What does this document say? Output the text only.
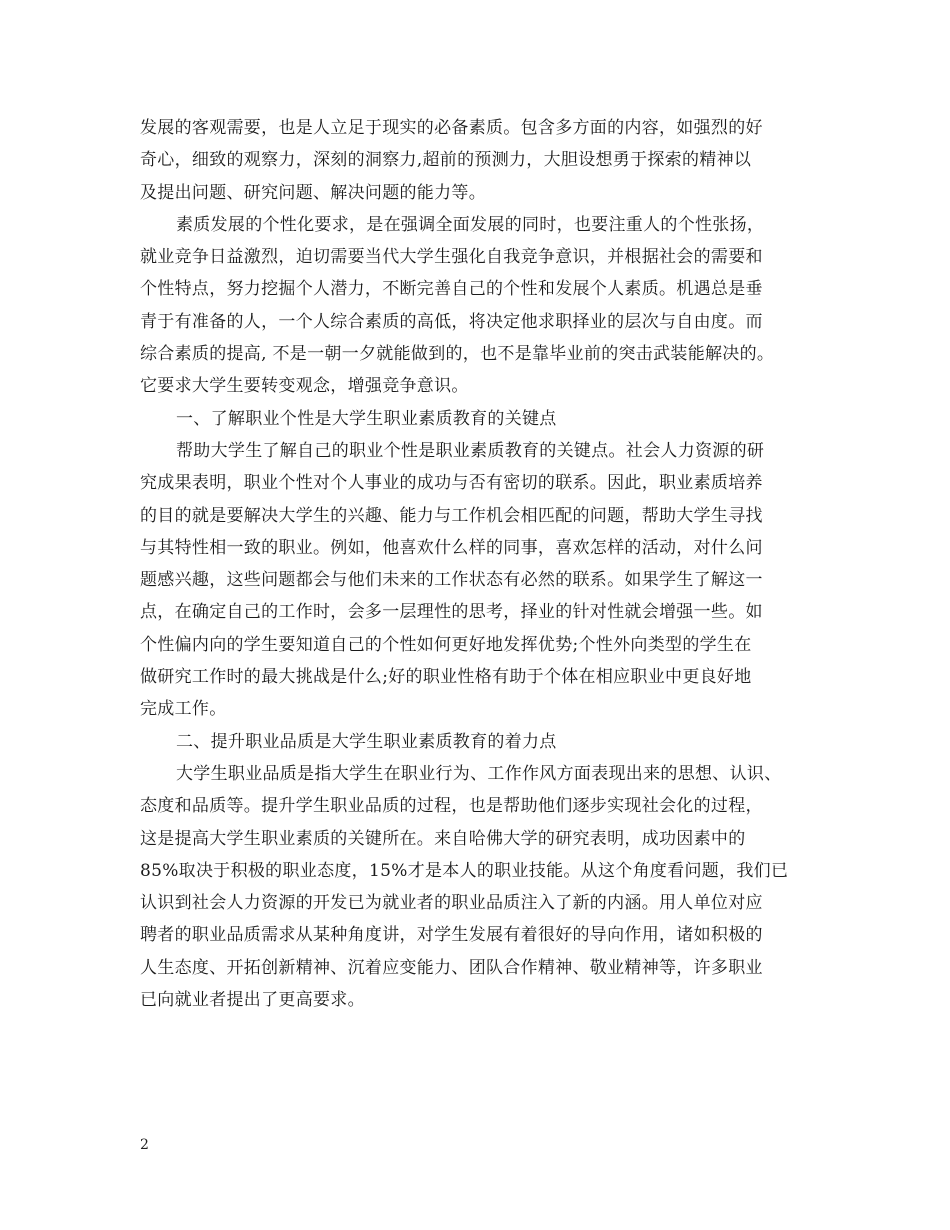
发展的客观需要，也是人立足于现实的必备素质。包含多方面的内容，如强烈的好
奇心，细致的观察力，深刻的洞察力,超前的预测力，大胆设想勇于探索的精神以
及提出问题、研究问题、解决问题的能力等。
素质发展的个性化要求，是在强调全面发展的同时，也要注重人的个性张扬，
就业竞争日益激烈，迫切需要当代大学生强化自我竞争意识，并根据社会的需要和
个性特点，努力挖掘个人潜力，不断完善自己的个性和发展个人素质。机遇总是垂
青于有准备的人，一个人综合素质的高低，将决定他求职择业的层次与自由度。而
综合素质的提高, 不是一朝一夕就能做到的，也不是靠毕业前的突击武装能解决的。
它要求大学生要转变观念，增强竞争意识。
一、了解职业个性是大学生职业素质教育的关键点
帮助大学生了解自己的职业个性是职业素质教育的关键点。社会人力资源的研
究成果表明，职业个性对个人事业的成功与否有密切的联系。因此，职业素质培养
的目的就是要解决大学生的兴趣、能力与工作机会相匹配的问题，帮助大学生寻找
与其特性相一致的职业。例如，他喜欢什么样的同事，喜欢怎样的活动，对什么问
题感兴趣，这些问题都会与他们未来的工作状态有必然的联系。如果学生了解这一
点，在确定自己的工作时，会多一层理性的思考，择业的针对性就会增强一些。如
个性偏内向的学生要知道自己的个性如何更好地发挥优势;个性外向类型的学生在
做研究工作时的最大挑战是什么;好的职业性格有助于个体在相应职业中更良好地
完成工作。
二、提升职业品质是大学生职业素质教育的着力点
大学生职业品质是指大学生在职业行为、工作作风方面表现出来的思想、认识、
态度和品质等。提升学生职业品质的过程，也是帮助他们逐步实现社会化的过程，
这是提高大学生职业素质的关键所在。来自哈佛大学的研究表明，成功因素中的
85%取决于积极的职业态度，15%才是本人的职业技能。从这个角度看问题，我们已
认识到社会人力资源的开发已为就业者的职业品质注入了新的内涵。用人单位对应
聘者的职业品质需求从某种角度讲，对学生发展有着很好的导向作用，诸如积极的
人生态度、开拓创新精神、沉着应变能力、团队合作精神、敬业精神等，许多职业
已向就业者提出了更高要求。
2
